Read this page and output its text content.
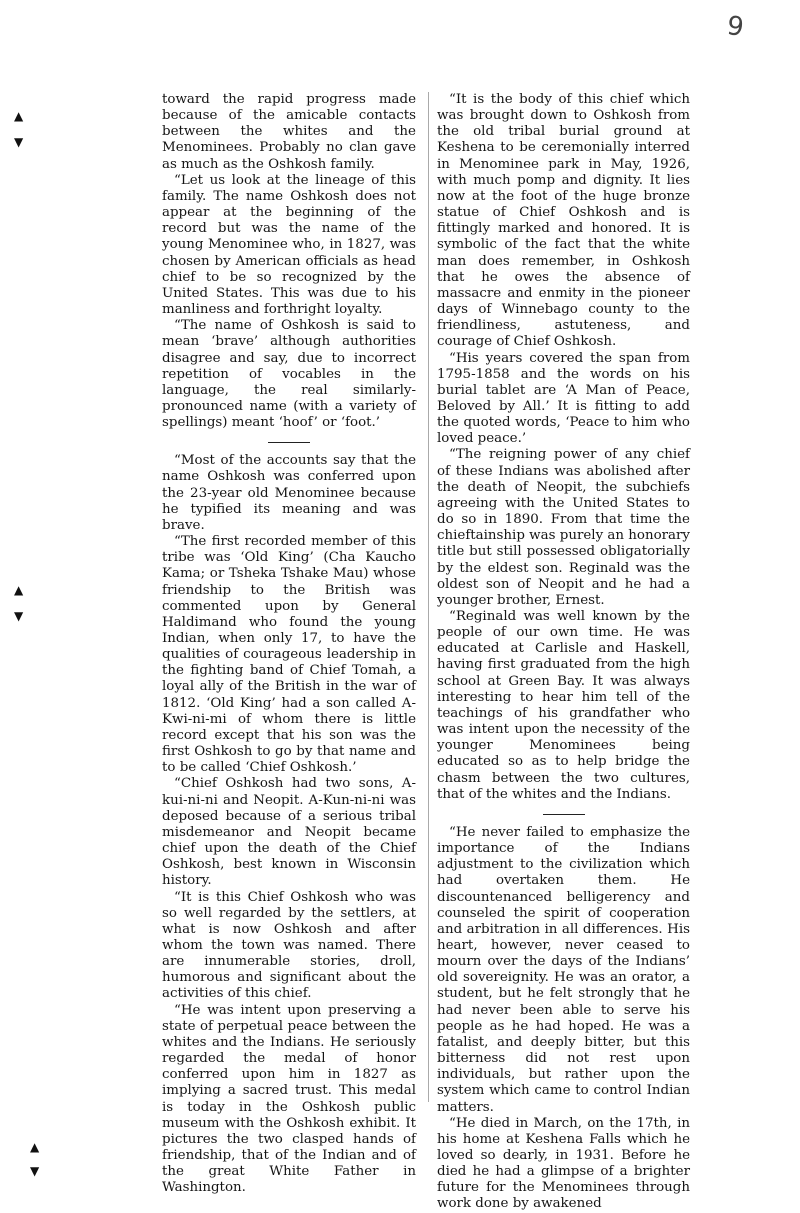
9
▲
▼
▲
▼
▲
▼

toward the rapid progress made because of the amicable contacts between the whites and the Menominees. Probably no clan gave as much as the Oshkosh family.

“Let us look at the lineage of this family. The name Oshkosh does not appear at the beginning of the record but was the name of the young Menominee who, in 1827, was chosen by American officials as head chief to be so recognized by the United States. This was due to his manliness and forthright loyalty.

“The name of Oshkosh is said to mean ‘brave’ although authorities disagree and say, due to incorrect repetition of vocables in the language, the real similarly-pronounced name (with a variety of spellings) meant ‘hoof’ or ‘foot.’

“Most of the accounts say that the name Oshkosh was conferred upon the 23-year old Menominee because he typified its meaning and was brave.

“The first recorded member of this tribe was ‘Old King’ (Cha Kaucho Kama; or Tsheka Tshake Mau) whose friendship to the British was commented upon by General Haldimand who found the young Indian, when only 17, to have the qualities of courageous leadership in the fighting band of Chief Tomah, a loyal ally of the British in the war of 1812. ‘Old King’ had a son called A-Kwi-ni-mi of whom there is little record except that his son was the first Oshkosh to go by that name and to be called ‘Chief Oshkosh.’

“Chief Oshkosh had two sons, A-kui-ni-ni and Neopit. A-Kun-ni-ni was deposed because of a serious tribal misdemeanor and Neopit became chief upon the death of the Chief Oshkosh, best known in Wisconsin history.

“It is this Chief Oshkosh who was so well regarded by the settlers, at what is now Oshkosh and after whom the town was named. There are innumerable stories, droll, humorous and significant about the activities of this chief.

“He was intent upon preserving a state of perpetual peace between the whites and the Indians. He seriously regarded the medal of honor conferred upon him in 1827 as implying a sacred trust. This medal is today in the Oshkosh public museum with the Oshkosh exhibit. It pictures the two clasped hands of friendship, that of the Indian and of the great White Father in Washington.

“It is the body of this chief which was brought down to Oshkosh from the old tribal burial ground at Keshena to be ceremonially interred in Menominee park in May, 1926, with much pomp and dignity. It lies now at the foot of the huge bronze statue of Chief Oshkosh and is fittingly marked and honored. It is symbolic of the fact that the white man does remember, in Oshkosh that he owes the absence of massacre and enmity in the pioneer days of Winnebago county to the friendliness, astuteness, and courage of Chief Oshkosh.

“His years covered the span from 1795-1858 and the words on his burial tablet are ‘A Man of Peace, Beloved by All.’ It is fitting to add the quoted words, ‘Peace to him who loved peace.’

“The reigning power of any chief of these Indians was abolished after the death of Neopit, the subchiefs agreeing with the United States to do so in 1890. From that time the chieftainship was purely an honorary title but still possessed obligatorially by the eldest son. Reginald was the oldest son of Neopit and he had a younger brother, Ernest.

“Reginald was well known by the people of our own time. He was educated at Carlisle and Haskell, having first graduated from the high school at Green Bay. It was always interesting to hear him tell of the teachings of his grandfather who was intent upon the necessity of the younger Menominees being educated so as to help bridge the chasm between the two cultures, that of the whites and the Indians.

“He never failed to emphasize the importance of the Indians adjustment to the civilization which had overtaken them. He discountenanced belligerency and counseled the spirit of cooperation and arbitration in all differences. His heart, however, never ceased to mourn over the days of the Indians’ old sovereignity. He was an orator, a student, but he felt strongly that he had never been able to serve his people as he had hoped. He was a fatalist, and deeply bitter, but this bitterness did not rest upon individuals, but rather upon the system which came to control Indian matters.

“He died in March, on the 17th, in his home at Keshena Falls which he loved so dearly, in 1931. Before he died he had a glimpse of a brighter future for the Menominees through work done by awakened
